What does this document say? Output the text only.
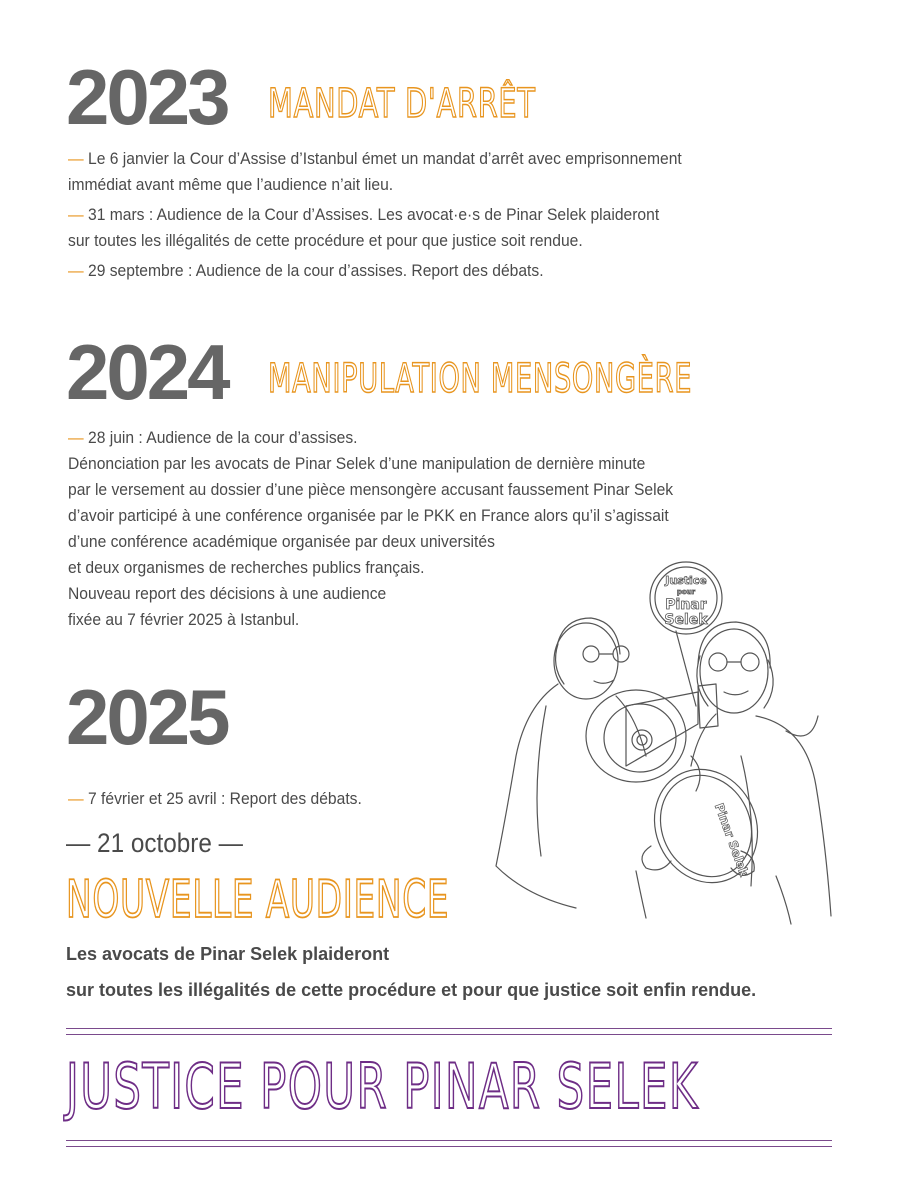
2023 MANDAT D'ARRÊT

— Le 6 janvier la Cour d’Assise d’Istanbul émet un mandat d’arrêt avec emprisonnement

immédiat avant même que l’audience n’ait lieu.

— 31 mars : Audience de la Cour d’Assises. Les avocat·e·s de Pinar Selek plaideront

sur toutes les illégalités de cette procédure et pour que justice soit rendue.

— 29 septembre : Audience de la cour d’assises. Report des débats.

2024 MANIPULATION MENSONGÈRE

— 28 juin : Audience de la cour d’assises.

Dénonciation par les avocats de Pinar Selek d’une manipulation de dernière minute

par le versement au dossier d’une pièce mensongère accusant faussement Pinar Selek

d’avoir participé à une conférence organisée par le PKK en France alors qu’il s’agissait

d’une conférence académique organisée par deux universités

et deux organismes de recherches publics français.

Nouveau report des décisions à une audience

fixée au 7 février 2025 à Istanbul.

2025

— 7 février et 25 avril : Report des débats.

— 21 octobre —
NOUVELLE AUDIENCE
Les avocats de Pinar Selek plaideront
sur toutes les illégalités de cette procédure et pour que justice soit enfin rendue.
Justice
pour
Pinar
Selek
Pinar Selek
JUSTICE POUR PINAR SELEK
